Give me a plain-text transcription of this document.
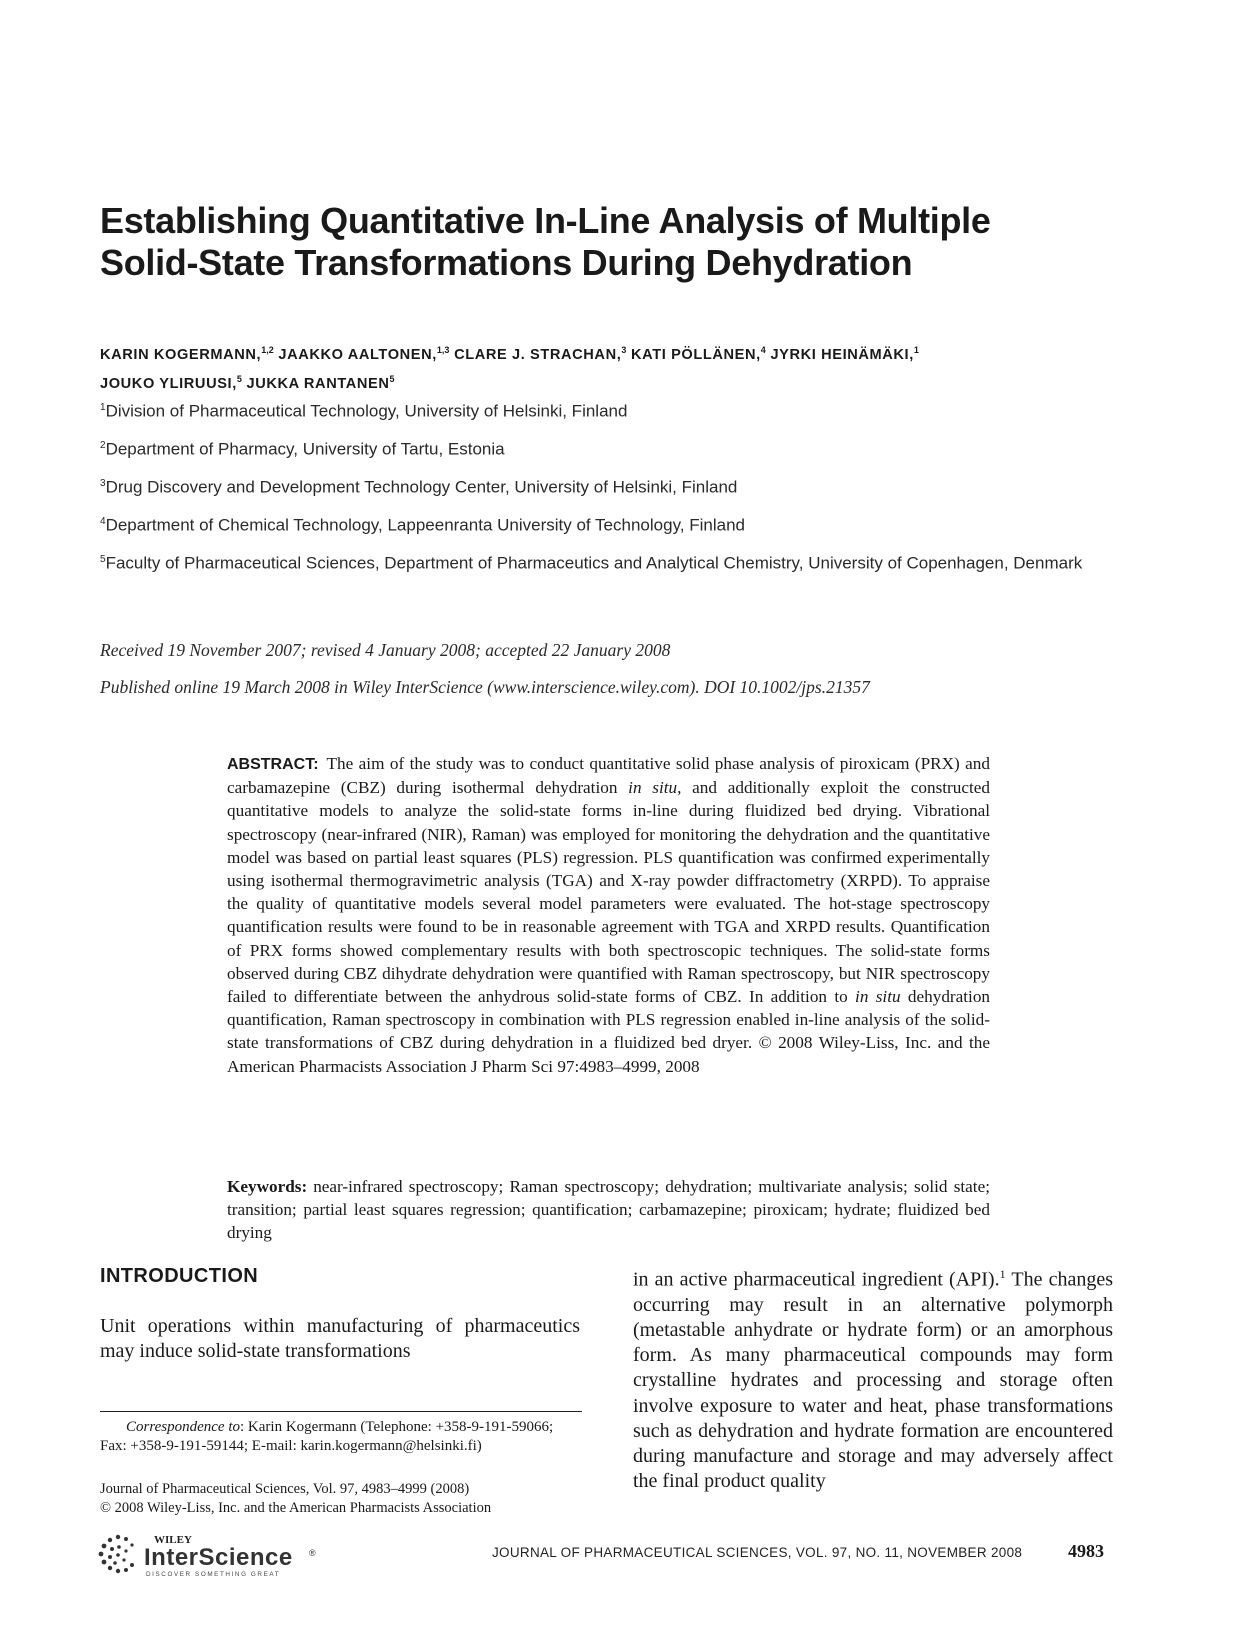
Establishing Quantitative In-Line Analysis of Multiple
Solid-State Transformations During Dehydration
KARIN KOGERMANN,$^{1,2}$ JAAKKO AALTONEN,$^{1,3}$ CLARE J. STRACHAN,$^3$ KATI PÖLLÄNEN,$^4$ JYRKI HEINÄMÄKI,$^1$
JOUKO YLIRUUSI,$^5$ JUKKA RANTANEN$^5$
$^1$Division of Pharmaceutical Technology, University of Helsinki, Finland
$^2$Department of Pharmacy, University of Tartu, Estonia
$^3$Drug Discovery and Development Technology Center, University of Helsinki, Finland
$^4$Department of Chemical Technology, Lappeenranta University of Technology, Finland
$^5$Faculty of Pharmaceutical Sciences, Department of Pharmaceutics and Analytical Chemistry, University of Copenhagen, Denmark
Received 19 November 2007; revised 4 January 2008; accepted 22 January 2008
Published online 19 March 2008 in Wiley InterScience (www.interscience.wiley.com). DOI 10.1002/jps.21357
ABSTRACT: The aim of the study was to conduct quantitative solid phase analysis of piroxicam (PRX) and carbamazepine (CBZ) during isothermal dehydration in situ, and additionally exploit the constructed quantitative models to analyze the solid-state forms in-line during fluidized bed drying. Vibrational spectroscopy (near-infrared (NIR), Raman) was employed for monitoring the dehydration and the quantitative model was based on partial least squares (PLS) regression. PLS quantification was confirmed experimentally using isothermal thermogravimetric analysis (TGA) and X-ray powder diffractometry (XRPD). To appraise the quality of quantitative models several model parameters were evaluated. The hot-stage spectroscopy quantification results were found to be in reasonable agreement with TGA and XRPD results. Quantification of PRX forms showed complementary results with both spectroscopic techniques. The solid-state forms observed during CBZ dihydrate dehydration were quantified with Raman spectroscopy, but NIR spectroscopy failed to differentiate between the anhydrous solid-state forms of CBZ. In addition to in situ dehydration quantification, Raman spectroscopy in combination with PLS regression enabled in-line analysis of the solid-state transformations of CBZ during dehydration in a fluidized bed dryer. © 2008 Wiley-Liss, Inc. and the American Pharmacists Association J Pharm Sci 97:4983–4999, 2008
Keywords: near-infrared spectroscopy; Raman spectroscopy; dehydration; multivariate analysis; solid state; transition; partial least squares regression; quantification; carbamazepine; piroxicam; hydrate; fluidized bed drying
INTRODUCTION
Unit operations within manufacturing of pharmaceutics may induce solid-state transformations
in an active pharmaceutical ingredient (API).$^1$ The changes occurring may result in an alternative polymorph (metastable anhydrate or hydrate form) or an amorphous form. As many pharmaceutical compounds may form crystalline hydrates and processing and storage often involve exposure to water and heat, phase transformations such as dehydration and hydrate formation are encountered during manufacture and storage and may adversely affect the final product quality
Correspondence to: Karin Kogermann (Telephone: +358-9-191-59066; Fax: +358-9-191-59144; E-mail: karin.kogermann@helsinki.fi)
Journal of Pharmaceutical Sciences, Vol. 97, 4983–4999 (2008)
© 2008 Wiley-Liss, Inc. and the American Pharmacists Association
WILEY
InterScience ®
DISCOVER SOMETHING GREAT
JOURNAL OF PHARMACEUTICAL SCIENCES, VOL. 97, NO. 11, NOVEMBER 2008	4983
